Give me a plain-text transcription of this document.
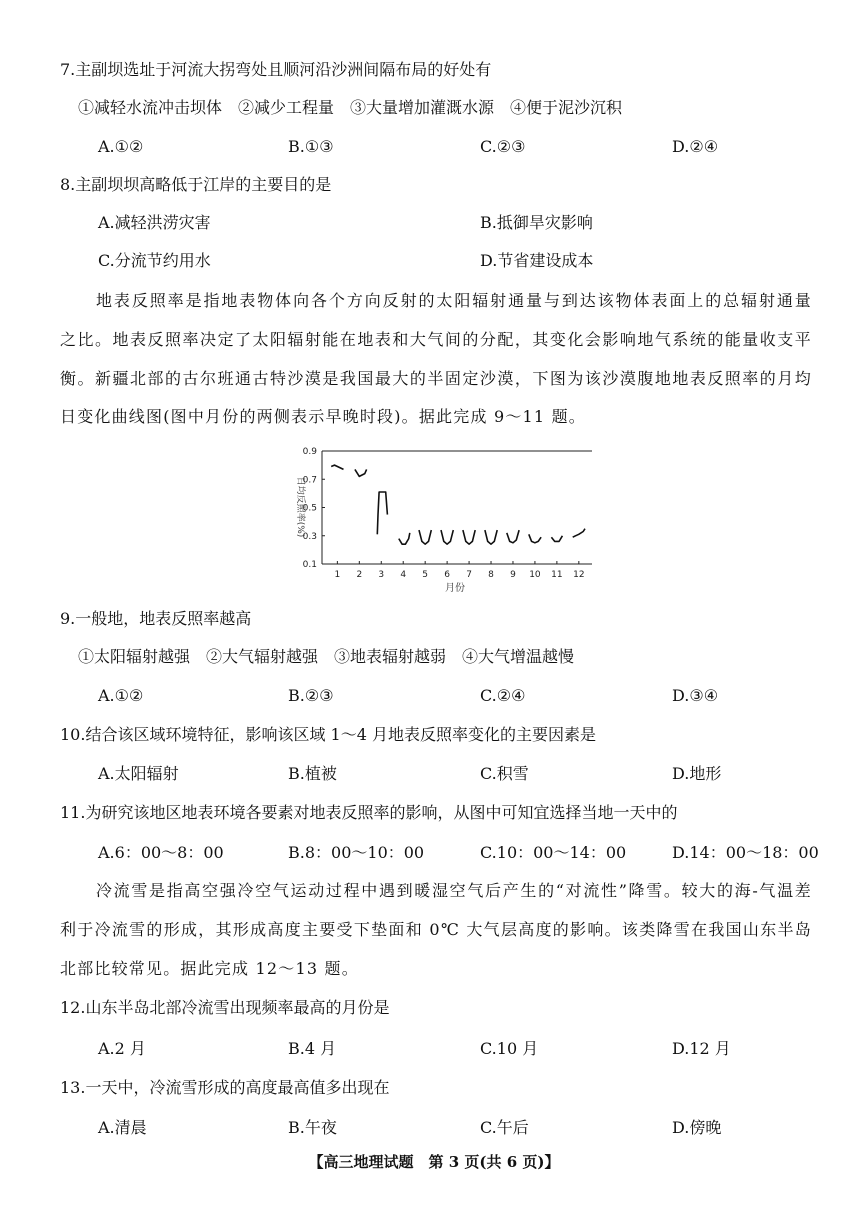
7.主副坝选址于河流大拐弯处且顺河沿沙洲间隔布局的好处有
①减轻水流冲击坝体　②减少工程量　③大量增加灌溉水源　④便于泥沙沉积
A.①②	B.①③	C.②③	D.②④
8.主副坝坝高略低于江岸的主要目的是
A.减轻洪涝灾害	B.抵御旱灾影响
C.分流节约用水	D.节省建设成本
地表反照率是指地表物体向各个方向反射的太阳辐射通量与到达该物体表面上的总辐射通量
之比。地表反照率决定了太阳辐射能在地表和大气间的分配，其变化会影响地气系统的能量收支平
衡。新疆北部的古尔班通古特沙漠是我国最大的半固定沙漠，下图为该沙漠腹地地表反照率的月均
日变化曲线图(图中月份的两侧表示早晚时段)。据此完成 9～11 题。
0.1
0.3
0.5
0.7
0.9
1 2 3 4 5 6 7 8 9 10 11 12
日均反照率(%)
月份
9.一般地，地表反照率越高
①太阳辐射越强　②大气辐射越强　③地表辐射越弱　④大气增温越慢
A.①②	B.②③	C.②④	D.③④
10.结合该区域环境特征，影响该区域 1～4 月地表反照率变化的主要因素是
A.太阳辐射	B.植被	C.积雪	D.地形
11.为研究该地区地表环境各要素对地表反照率的影响，从图中可知宜选择当地一天中的
A.6：00～8：00	B.8：00～10：00	C.10：00～14：00	D.14：00～18：00
冷流雪是指高空强冷空气运动过程中遇到暖湿空气后产生的“对流性”降雪。较大的海-气温差
利于冷流雪的形成，其形成高度主要受下垫面和 0℃ 大气层高度的影响。该类降雪在我国山东半岛
北部比较常见。据此完成 12～13 题。
12.山东半岛北部冷流雪出现频率最高的月份是
A.2 月	B.4 月	C.10 月	D.12 月
13.一天中，冷流雪形成的高度最高值多出现在
A.清晨	B.午夜	C.午后	D.傍晚
【高三地理试题　第 3 页(共 6 页)】
